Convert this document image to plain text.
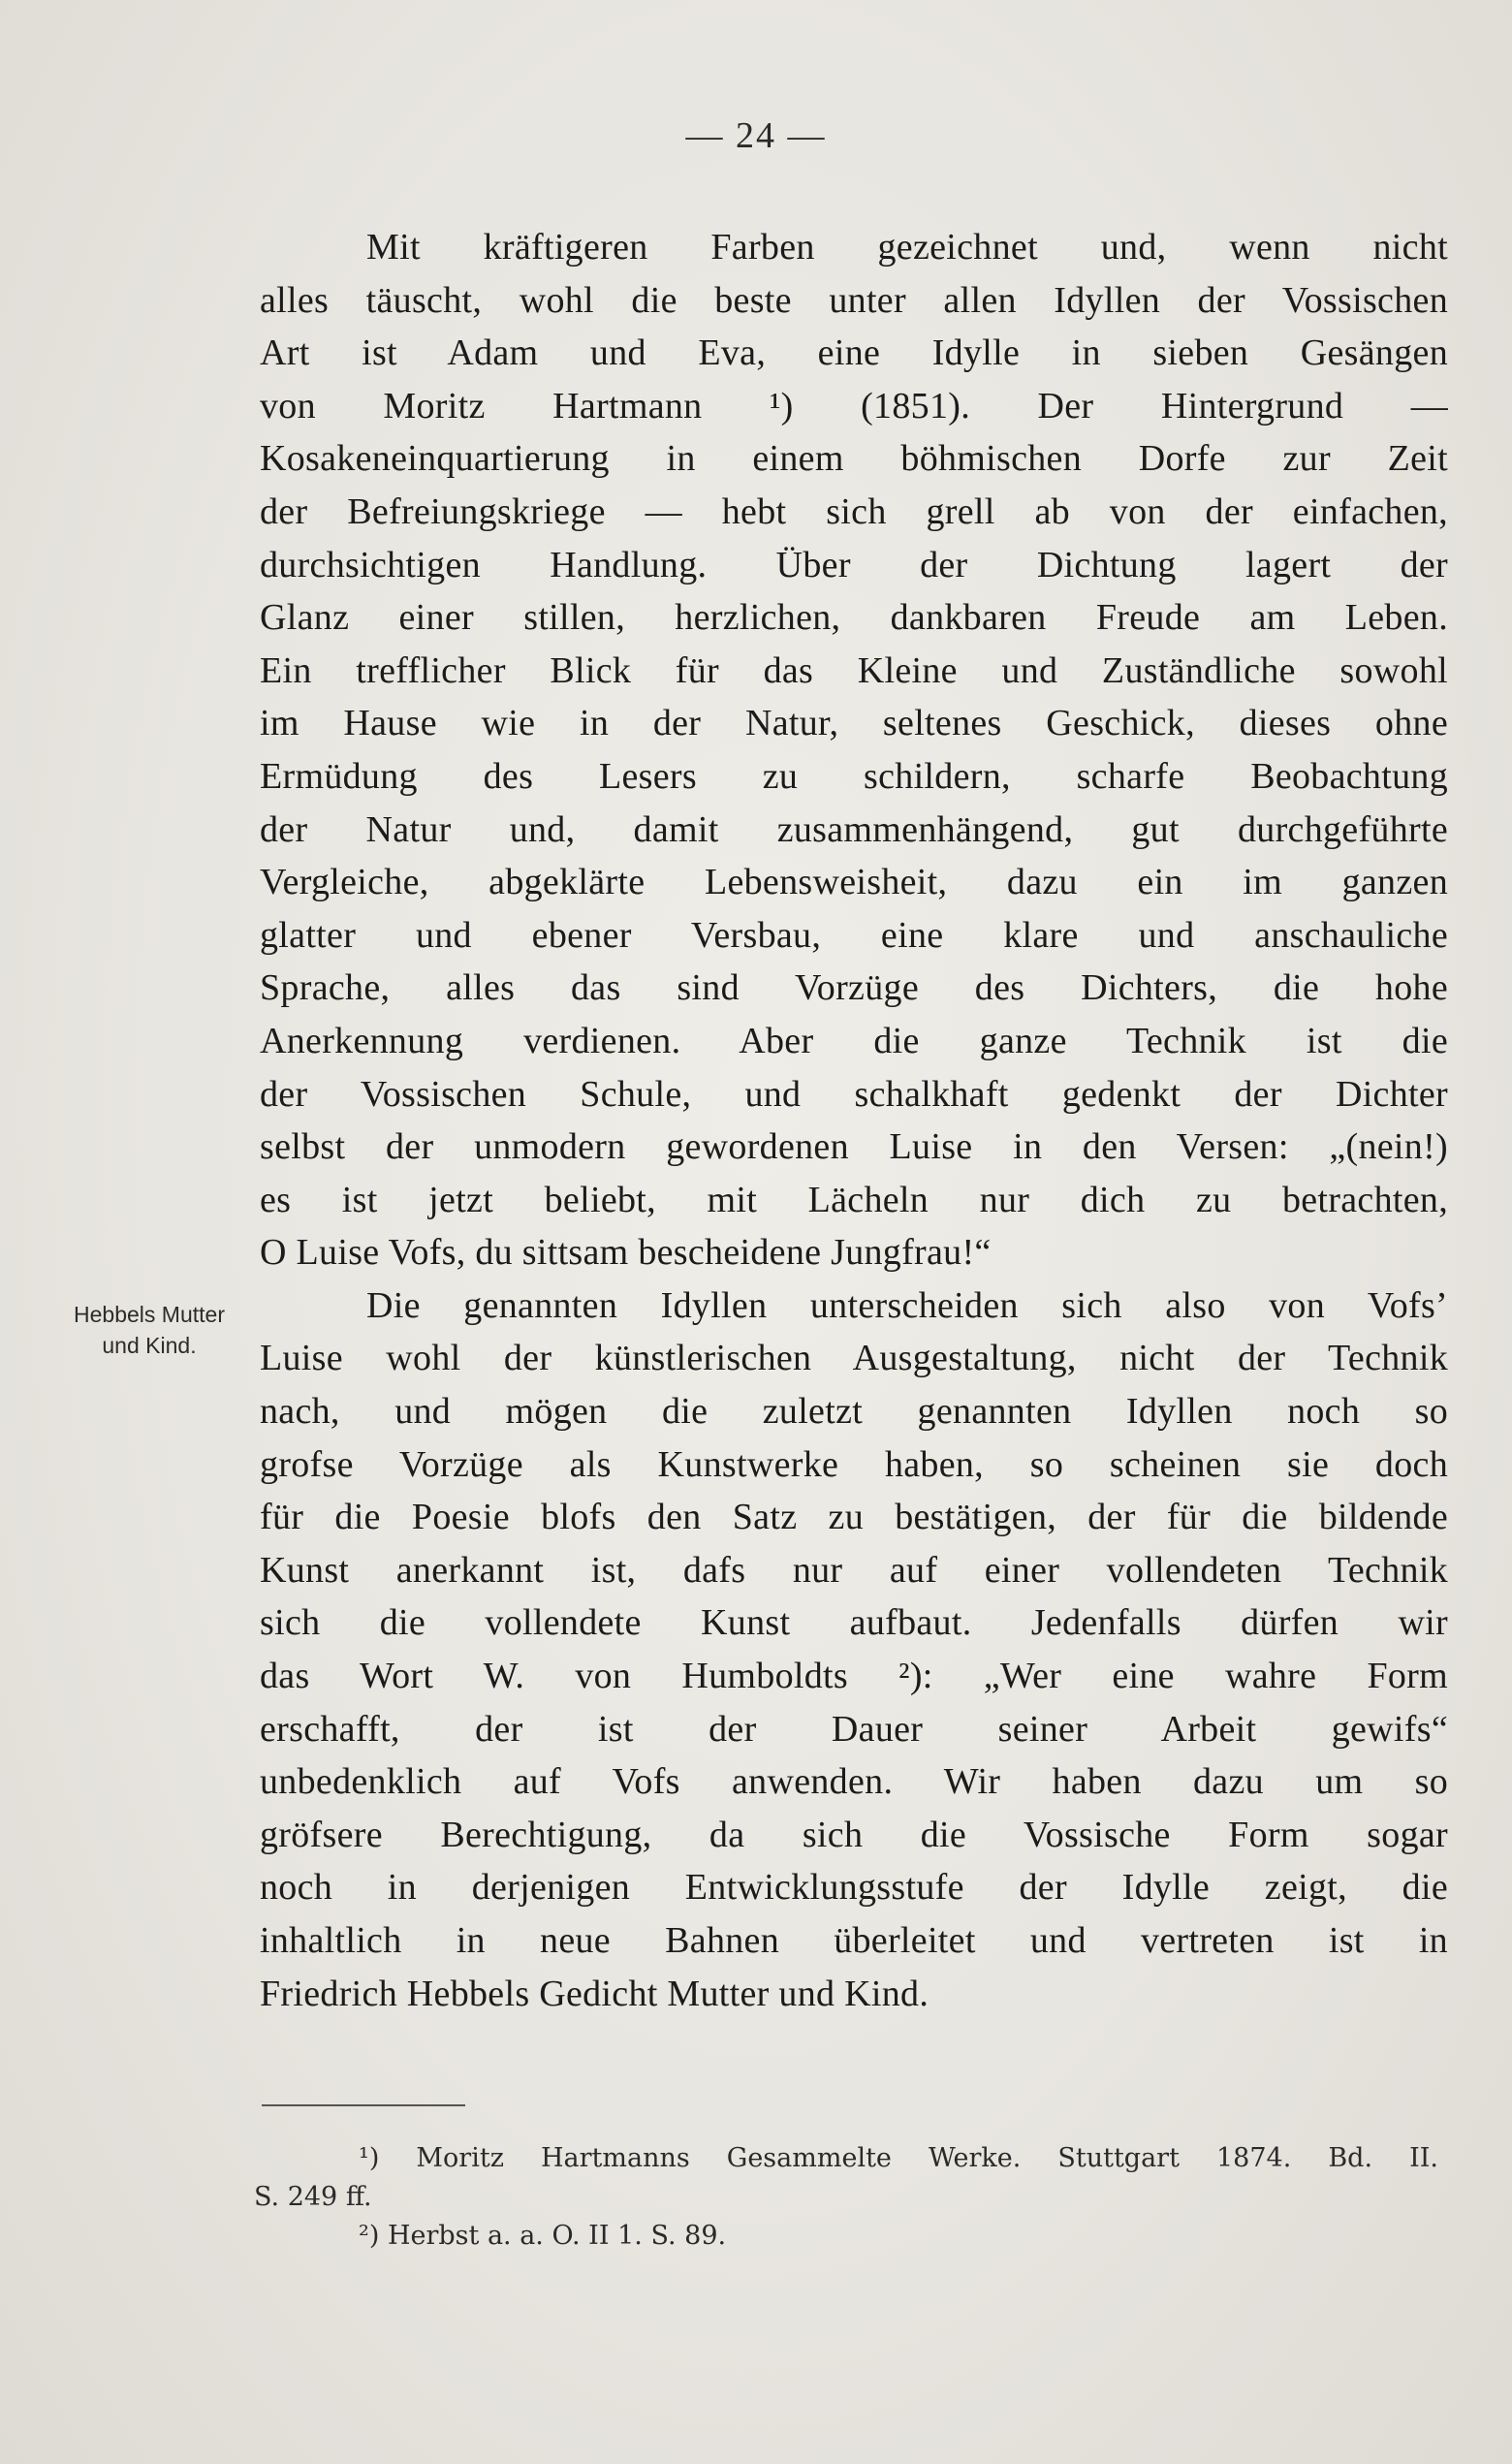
— 24 —
Hebbels Mutter
und Kind.
Mit kräftigeren Farben gezeichnet und, wenn nicht
alles täuscht, wohl die beste unter allen Idyllen der Vossischen
Art ist Adam und Eva, eine Idylle in sieben Gesängen
von Moritz Hartmann ¹) (1851). Der Hintergrund —
Kosakeneinquartierung in einem böhmischen Dorfe zur Zeit
der Befreiungskriege — hebt sich grell ab von der einfachen,
durchsichtigen Handlung. Über der Dichtung lagert der
Glanz einer stillen, herzlichen, dankbaren Freude am Leben.
Ein trefflicher Blick für das Kleine und Zuständliche sowohl
im Hause wie in der Natur, seltenes Geschick, dieses ohne
Ermüdung des Lesers zu schildern, scharfe Beobachtung
der Natur und, damit zusammenhängend, gut durchgeführte
Vergleiche, abgeklärte Lebensweisheit, dazu ein im ganzen
glatter und ebener Versbau, eine klare und anschauliche
Sprache, alles das sind Vorzüge des Dichters, die hohe
Anerkennung verdienen. Aber die ganze Technik ist die
der Vossischen Schule, und schalkhaft gedenkt der Dichter
selbst der unmodern gewordenen Luise in den Versen: „(nein!)
es ist jetzt beliebt, mit Lächeln nur dich zu betrachten,
O Luise Vofs, du sittsam bescheidene Jungfrau!“
Die genannten Idyllen unterscheiden sich also von Vofs’
Luise wohl der künstlerischen Ausgestaltung, nicht der Technik
nach, und mögen die zuletzt genannten Idyllen noch so
grofse Vorzüge als Kunstwerke haben, so scheinen sie doch
für die Poesie blofs den Satz zu bestätigen, der für die bildende
Kunst anerkannt ist, dafs nur auf einer vollendeten Technik
sich die vollendete Kunst aufbaut. Jedenfalls dürfen wir
das Wort W. von Humboldts ²): „Wer eine wahre Form
erschafft, der ist der Dauer seiner Arbeit gewifs“
unbedenklich auf Vofs anwenden. Wir haben dazu um so
gröfsere Berechtigung, da sich die Vossische Form sogar
noch in derjenigen Entwicklungsstufe der Idylle zeigt, die
inhaltlich in neue Bahnen überleitet und vertreten ist in
Friedrich Hebbels Gedicht Mutter und Kind.
¹) Moritz Hartmanns Gesammelte Werke. Stuttgart 1874. Bd. II.
S. 249 ff.
²) Herbst a. a. O. II 1. S. 89.
